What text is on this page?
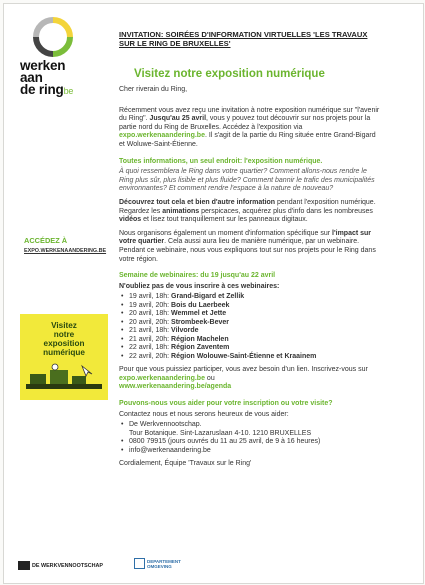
werken
aan
de ringbe
INVITATION: SOIRÉES D'INFORMATION VIRTUELLES 'LES TRAVAUX SUR LE RING DE BRUXELLES'
Visitez notre exposition numérique

Cher riverain du Ring,

Récemment vous avez reçu une invitation à notre exposition numérique sur "l'avenir du Ring". Jusqu'au 25 avril, vous y pouvez tout découvrir sur nos projets pour la partie nord du Ring de Bruxelles. Accédez à l'exposition via expo.werkenaandering.be. Il s'agit de la partie du Ring située entre Grand-Bigard et Woluwe-Saint-Étienne.

Toutes informations, un seul endroit: l'exposition numérique.

À quoi ressemblera le Ring dans votre quartier? Comment allons-nous rendre le Ring plus sûr, plus lisible et plus fluide? Comment bannir le trafic des municipalités environnantes? Et comment rendre l'espace à la nature de nouveau?

Découvrez tout cela et bien d'autre information pendant l'exposition numérique. Regardez les animations perspicaces, acquérez plus d'info dans les nombreuses vidéos et lisez tout tranquillement sur les panneaux digitaux.

Nous organisons également un moment d'information spécifique sur l'impact sur votre quartier. Cela aussi aura lieu de manière numérique, par un webinaire. Pendant ce webinaire, nous vous expliquons tout sur nos projets pour le Ring dans votre région.

Semaine de webinaires: du 19 jusqu'au 22 avril

N'oubliez pas de vous inscrire à ces webinaires:

• 19 avril, 18h: Grand-Bigard et Zellik
• 19 avril, 20h: Bois du Laerbeek
• 20 avril, 18h: Wemmel et Jette
• 20 avril, 20h: Strombeek-Bever
• 21 avril, 18h: Vilvorde
• 21 avril, 20h: Région Machelen
• 22 avril, 18h: Région Zaventem
• 22 avril, 20h: Région Wolouwe-Saint-Étienne et Kraainem

Pour que vous puissiez participer, vous avez besoin d'un lien. Inscrivez-vous sur expo.werkenaandering.be ou
www.werkenaandering.be/agenda

Pouvons-nous vous aider pour votre inscription ou votre visite?

Contactez nous et nous serons heureux de vous aider:

• De Werkvennootschap.
Tour Botanique. Sint-Lazaruslaan 4-10. 1210 BRUXELLES
• 0800 79915 (jours ouvrés du 11 au 25 avril, de 9 à 16 heures)
• info@werkenaandering.be

Cordialement, Équipe 'Travaux sur le Ring'

ACCÉDEZ À
EXPO.WERKENAANDERING.BE
Visitez
notre
exposition
numérique
DE WERKVENNOOTSCHAP
DEPARTEMENT
OMGEVING
